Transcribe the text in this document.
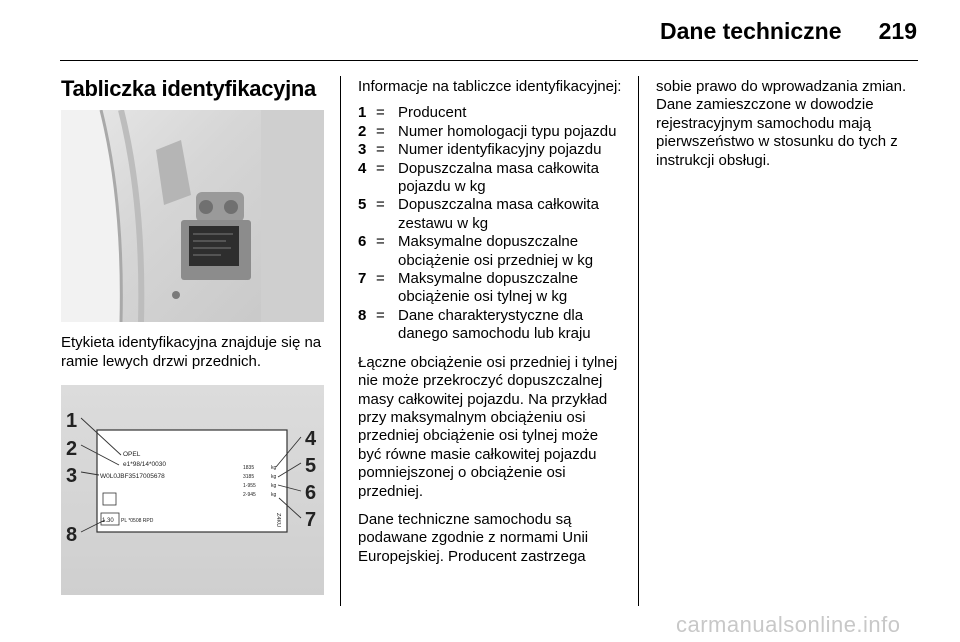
Dane techniczne	219
Tabliczka identyfikacyjna
Etykieta identyfikacyjna znajduje się na ramie lewych drzwi przednich.
1
2
3
8
4
5
6
7
OPEL
e1*98/14*0030
W0L0JBF3517005678
1835
3185
1-955
2-945
kg
kg
kg
kg
1.30 PL *0508 RPD	Z4KU

Informacje na tabliczce identyfikacyjnej:

1 = Producent
2 = Numer homologacji typu pojazdu
3 = Numer identyfikacyjny pojazdu
4 = Dopuszczalna masa całkowita pojazdu w kg
5 = Dopuszczalna masa całkowita zestawu w kg
6 = Maksymalne dopuszczalne obciążenie osi przedniej w kg
7 = Maksymalne dopuszczalne obciążenie osi tylnej w kg
8 = Dane charakterystyczne dla danego samochodu lub kraju

Łączne obciążenie osi przedniej i tylnej nie może przekroczyć dopuszczalnej masy całkowitej pojazdu. Na przykład przy maksymalnym obciążeniu osi przedniej obciążenie osi tylnej może być równe masie całkowitej pojazdu pomniejszonej o obciążenie osi przedniej.

Dane techniczne samochodu są podawane zgodnie z normami Unii Europejskiej. Producent zastrzega

sobie prawo do wprowadzania zmian. Dane zamieszczone w dowodzie rejestracyjnym samochodu mają pierwszeństwo w stosunku do tych z instrukcji obsługi.

carmanualsonline.info
